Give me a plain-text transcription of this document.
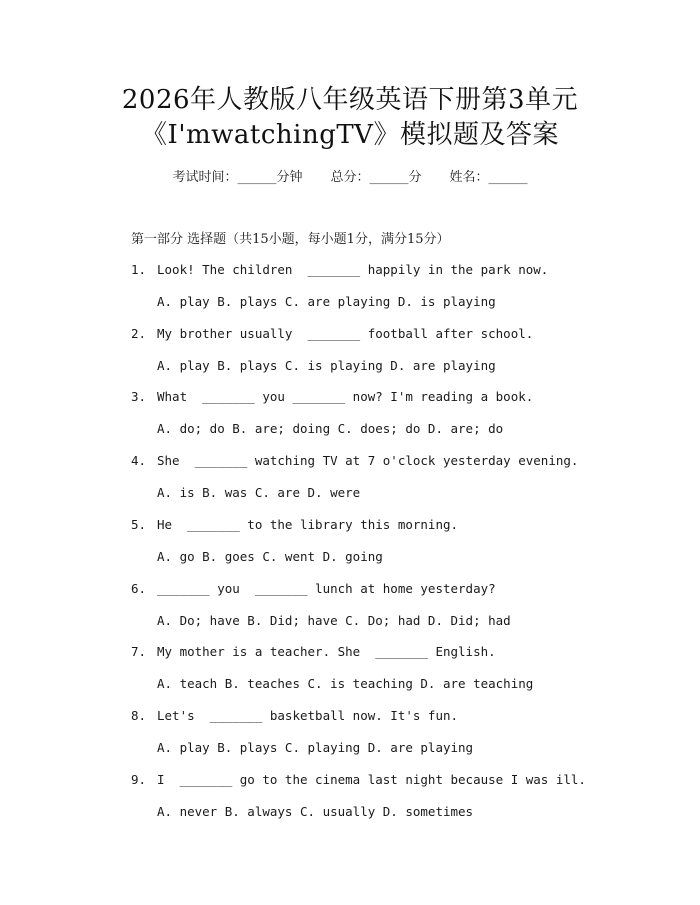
2026年人教版八年级英语下册第3单元
《I'mwatchingTV》模拟题及答案
考试时间：______分钟 总分：______分 姓名：______
第一部分 选择题（共15小题，每小题1分，满分15分）
1. Look! The children  _______ happily in the park now.
A. play B. plays C. are playing D. is playing
2. My brother usually  _______ football after school.
A. play B. plays C. is playing D. are playing
3. What  _______ you _______ now? I'm reading a book.
A. do; do B. are; doing C. does; do D. are; do
4. She  _______ watching TV at 7 o'clock yesterday evening.
A. is B. was C. are D. were
5. He  _______ to the library this morning.
A. go B. goes C. went D. going
6. _______ you  _______ lunch at home yesterday?
A. Do; have B. Did; have C. Do; had D. Did; had
7. My mother is a teacher. She  _______ English.
A. teach B. teaches C. is teaching D. are teaching
8. Let's  _______ basketball now. It's fun.
A. play B. plays C. playing D. are playing
9. I  _______ go to the cinema last night because I was ill.
A. never B. always C. usually D. sometimes
